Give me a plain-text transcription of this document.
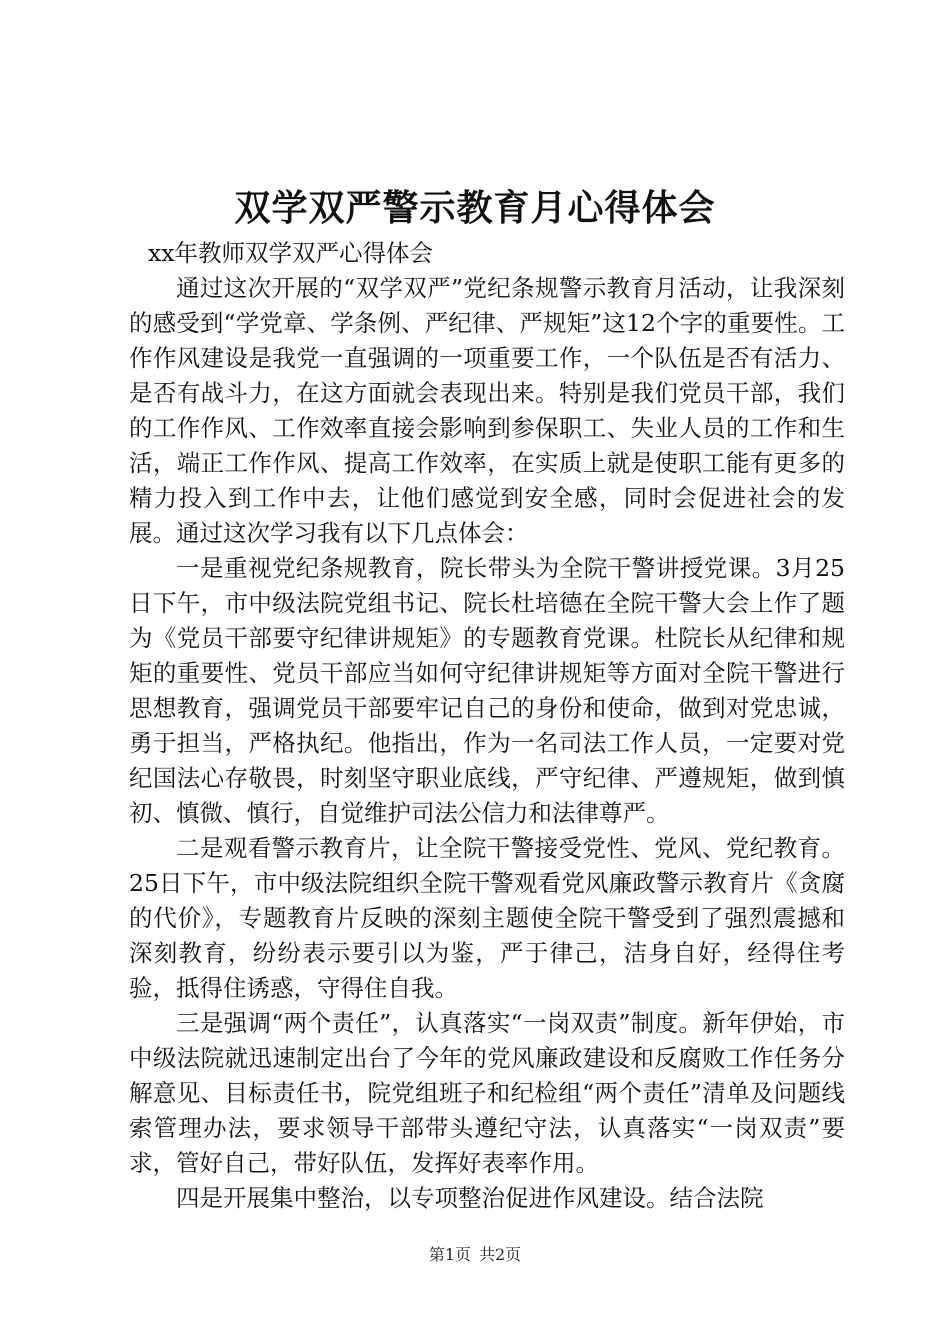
双学双严警示教育月心得体会

xx年教师双学双严心得体会

通过这次开展的“双学双严”党纪条规警示教育月活动，让我深刻的感受到“学党章、学条例、严纪律、严规矩”这12个字的重要性。工作作风建设是我党一直强调的一项重要工作，一个队伍是否有活力、是否有战斗力，在这方面就会表现出来。特别是我们党员干部，我们的工作作风、工作效率直接会影响到参保职工、失业人员的工作和生活，端正工作作风、提高工作效率，在实质上就是使职工能有更多的精力投入到工作中去，让他们感觉到安全感，同时会促进社会的发展。通过这次学习我有以下几点体会：

一是重视党纪条规教育，院长带头为全院干警讲授党课。3月25日下午，市中级法院党组书记、院长杜培德在全院干警大会上作了题为《党员干部要守纪律讲规矩》的专题教育党课。杜院长从纪律和规矩的重要性、党员干部应当如何守纪律讲规矩等方面对全院干警进行思想教育，强调党员干部要牢记自己的身份和使命，做到对党忠诚，勇于担当，严格执纪。他指出，作为一名司法工作人员，一定要对党纪国法心存敬畏，时刻坚守职业底线，严守纪律、严遵规矩，做到慎初、慎微、慎行，自觉维护司法公信力和法律尊严。

二是观看警示教育片，让全院干警接受党性、党风、党纪教育。25日下午，市中级法院组织全院干警观看党风廉政警示教育片《贪腐的代价》，专题教育片反映的深刻主题使全院干警受到了强烈震撼和深刻教育，纷纷表示要引以为鉴，严于律己，洁身自好，经得住考验，抵得住诱惑，守得住自我。

三是强调“两个责任”，认真落实“一岗双责”制度。新年伊始，市中级法院就迅速制定出台了今年的党风廉政建设和反腐败工作任务分解意见、目标责任书，院党组班子和纪检组“两个责任”清单及问题线索管理办法，要求领导干部带头遵纪守法，认真落实“一岗双责”要求，管好自己，带好队伍，发挥好表率作用。

四是开展集中整治，以专项整治促进作风建设。结合法院

第1页 共2页
